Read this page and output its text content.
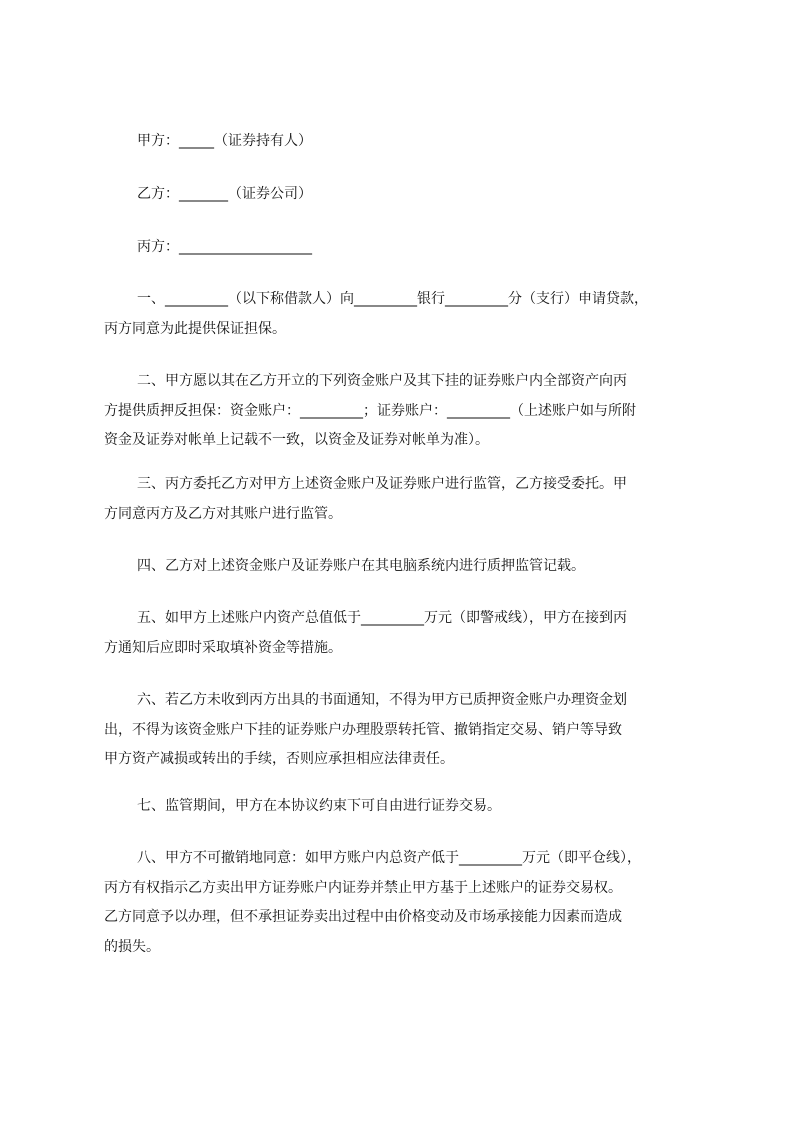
甲方：_____（证券持有人）
乙方：_______（证券公司）
丙方：___________________
一、_________（以下称借款人）向_________银行_________分（支行）申请贷款，
丙方同意为此提供保证担保。
二、甲方愿以其在乙方开立的下列资金账户及其下挂的证券账户内全部资产向丙
方提供质押反担保：资金账户：_________；证券账户：_________（上述账户如与所附
资金及证券对帐单上记载不一致，以资金及证券对帐单为准）。
三、丙方委托乙方对甲方上述资金账户及证券账户进行监管，乙方接受委托。甲
方同意丙方及乙方对其账户进行监管。
四、乙方对上述资金账户及证券账户在其电脑系统内进行质押监管记载。
五、如甲方上述账户内资产总值低于_________万元（即警戒线），甲方在接到丙
方通知后应即时采取填补资金等措施。
六、若乙方未收到丙方出具的书面通知，不得为甲方已质押资金账户办理资金划
出，不得为该资金账户下挂的证券账户办理股票转托管、撤销指定交易、销户等导致
甲方资产减损或转出的手续，否则应承担相应法律责任。
七、监管期间，甲方在本协议约束下可自由进行证券交易。
八、甲方不可撤销地同意：如甲方账户内总资产低于_________万元（即平仓线），
丙方有权指示乙方卖出甲方证券账户内证券并禁止甲方基于上述账户的证券交易权。
乙方同意予以办理，但不承担证券卖出过程中由价格变动及市场承接能力因素而造成
的损失。
